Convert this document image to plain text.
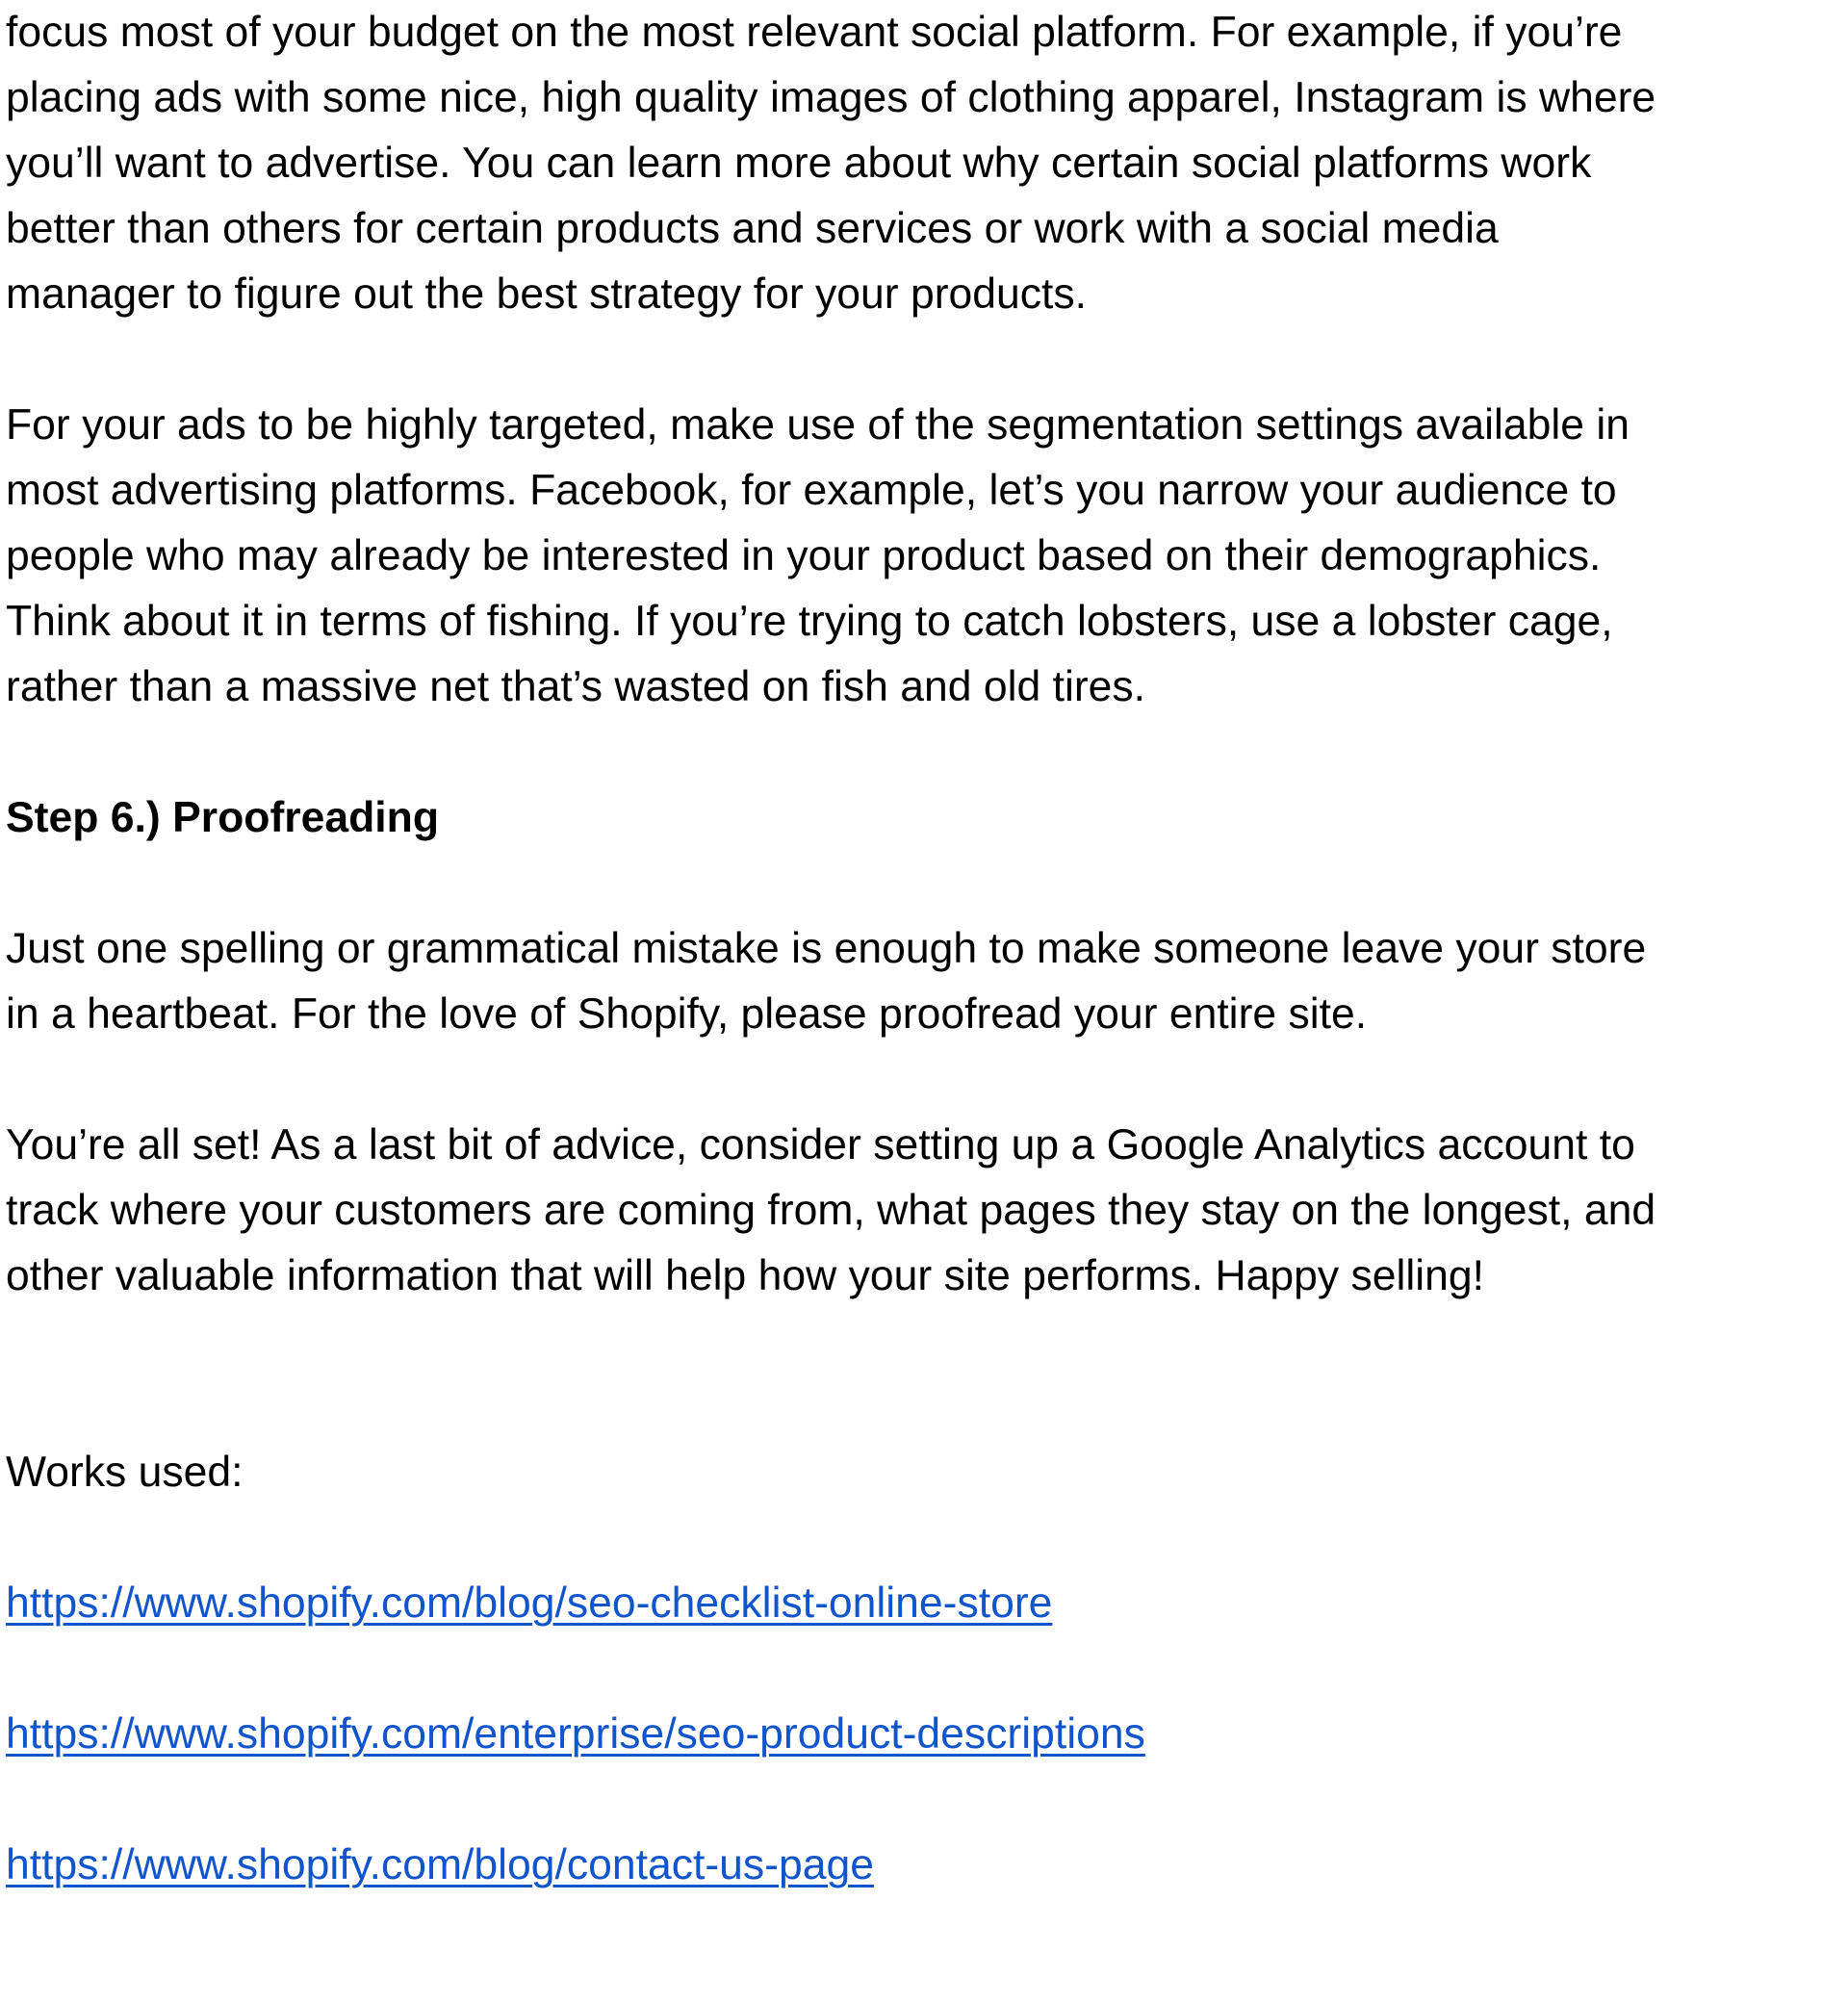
focus most of your budget on the most relevant social platform. For example, if you’re
placing ads with some nice, high quality images of clothing apparel, Instagram is where
you’ll want to advertise. You can learn more about why certain social platforms work
better than others for certain products and services or work with a social media
manager to figure out the best strategy for your products.

For your ads to be highly targeted, make use of the segmentation settings available in
most advertising platforms. Facebook, for example, let’s you narrow your audience to
people who may already be interested in your product based on their demographics.
Think about it in terms of fishing. If you’re trying to catch lobsters, use a lobster cage,
rather than a massive net that’s wasted on fish and old tires.

Step 6.) Proofreading

Just one spelling or grammatical mistake is enough to make someone leave your store
in a heartbeat. For the love of Shopify, please proofread your entire site.

You’re all set! As a last bit of advice, consider setting up a Google Analytics account to
track where your customers are coming from, what pages they stay on the longest, and
other valuable information that will help how your site performs. Happy selling!

Works used:

https://www.shopify.com/blog/seo-checklist-online-store
https://www.shopify.com/enterprise/seo-product-descriptions
https://www.shopify.com/blog/contact-us-page
